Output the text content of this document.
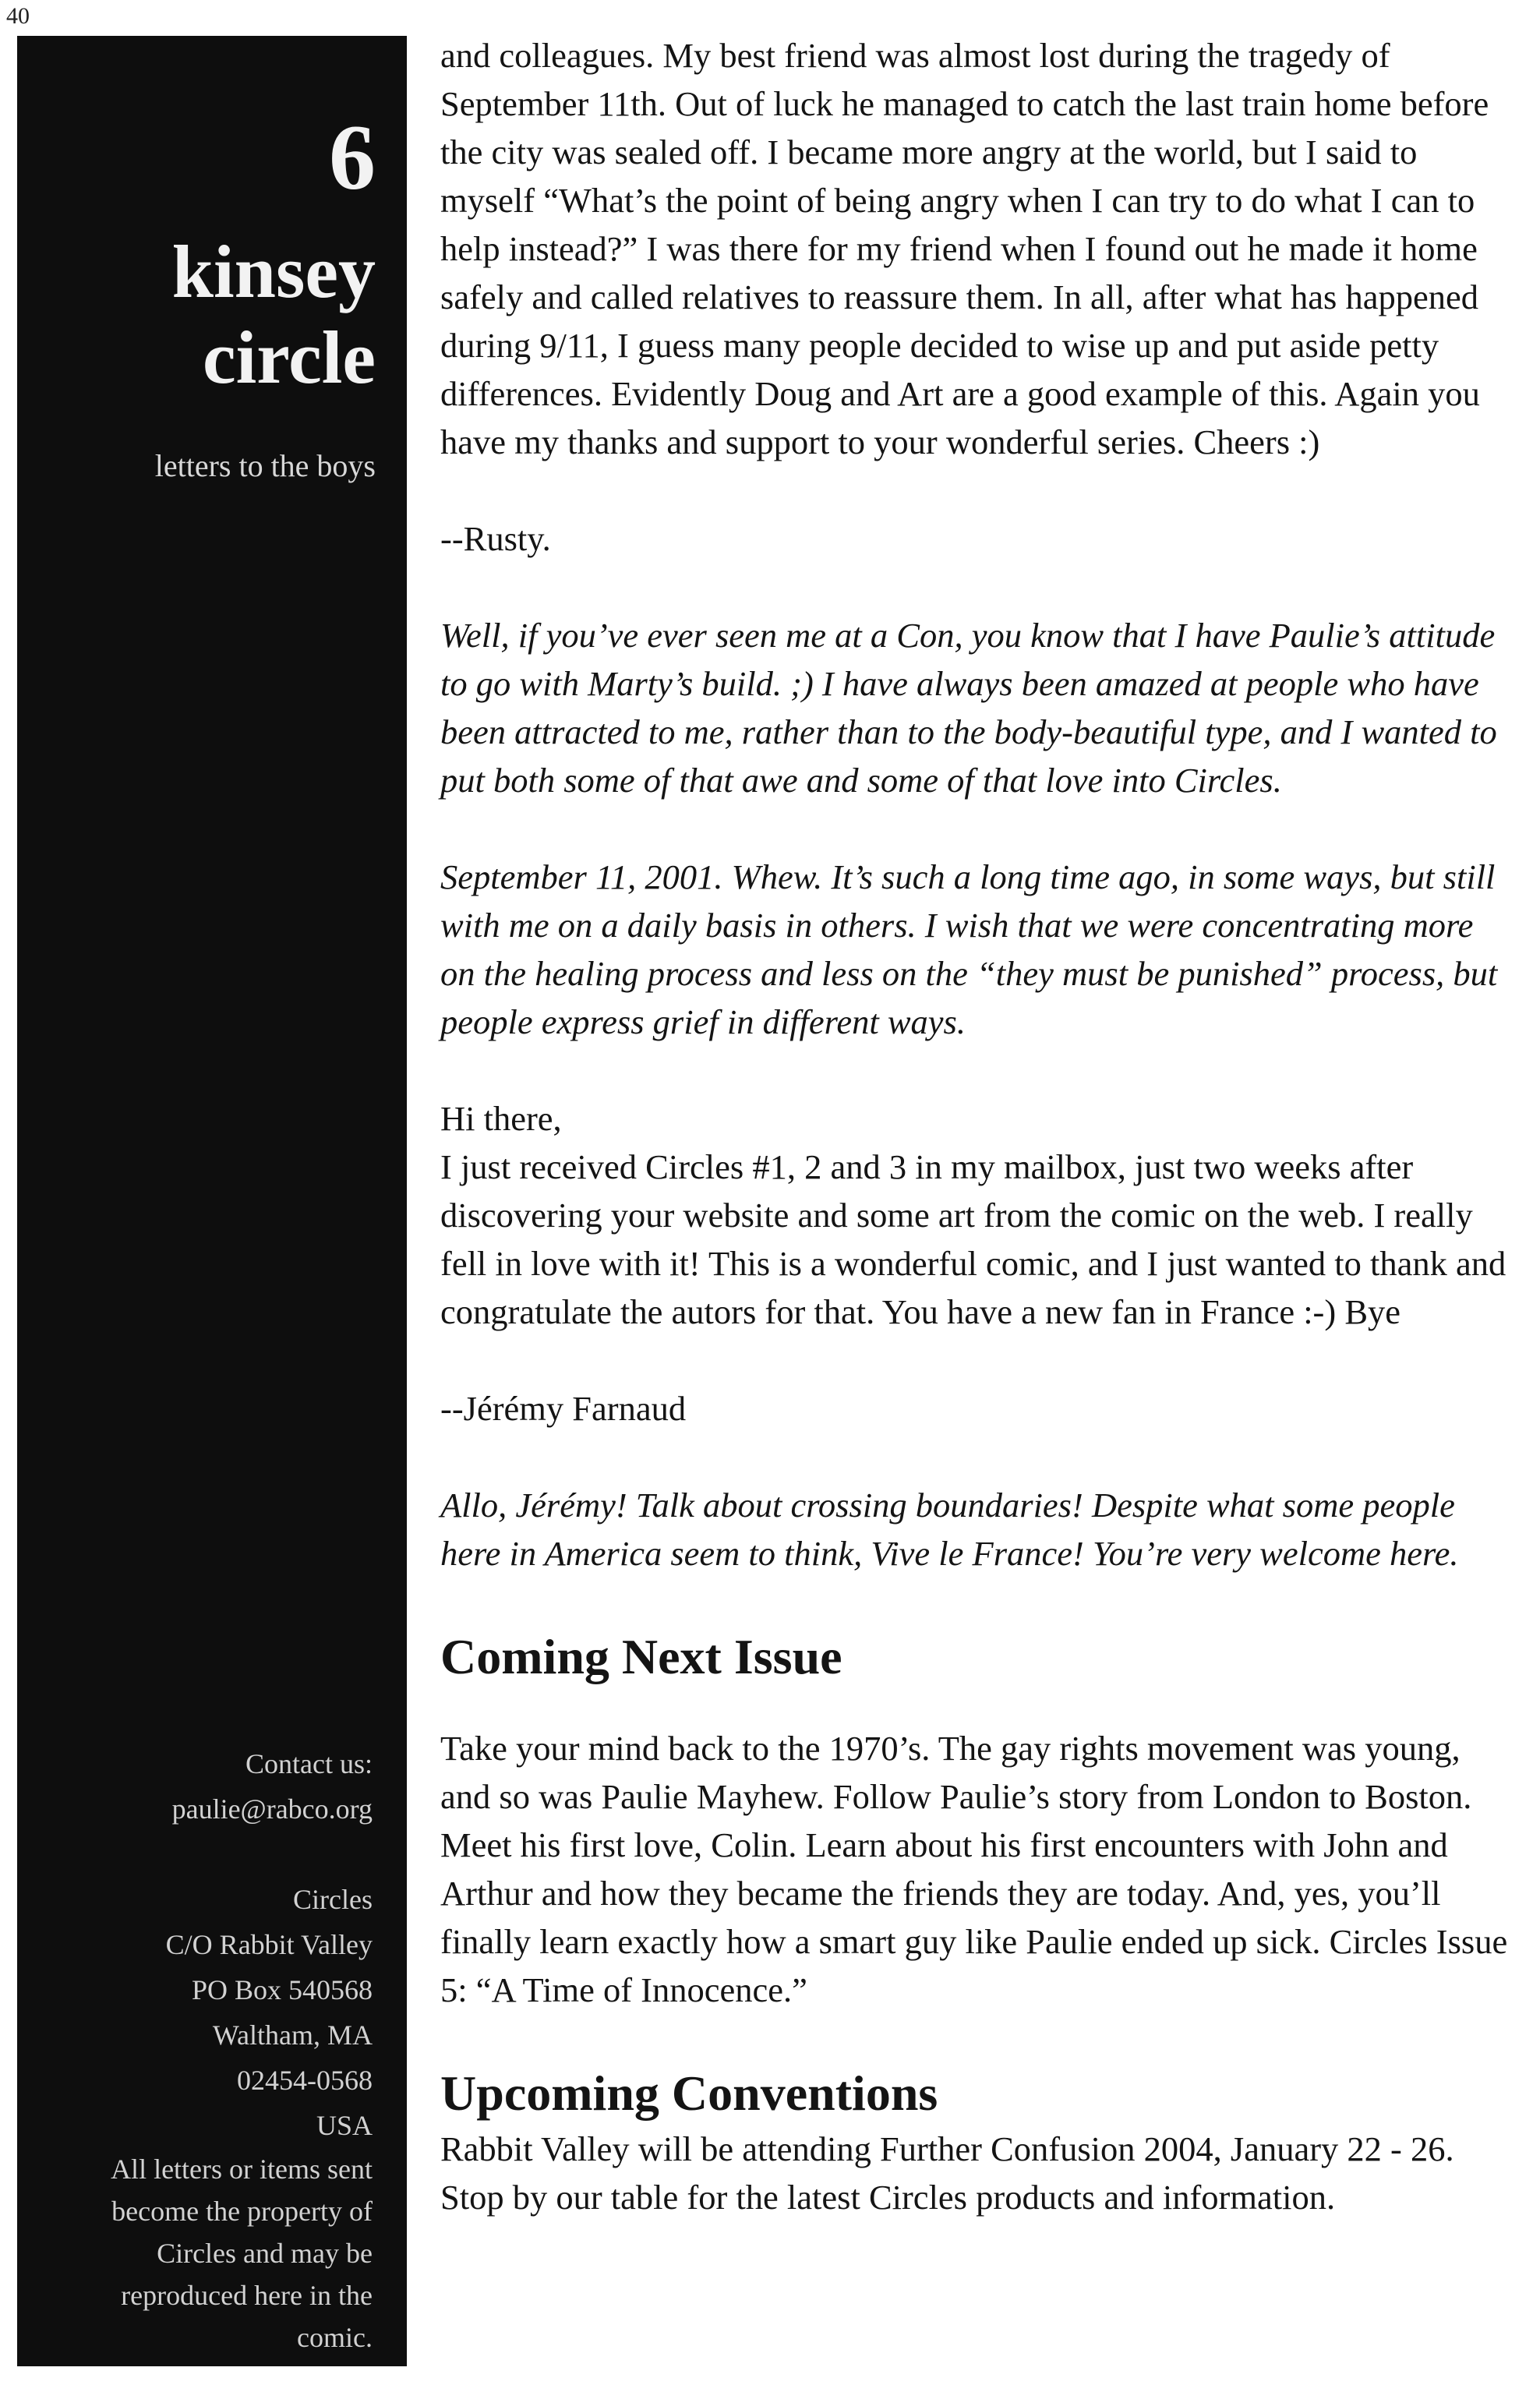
40
6
kinsey
circle
letters to the boys
Contact us:
paulie@rabco.org
Circles
C/O Rabbit Valley
PO Box 540568
Waltham, MA
02454-0568
USA
All letters or items sent become the property of Circles and may be reproduced here in the comic.

and colleagues. My best friend was almost lost during the tragedy of September 11th. Out of luck he managed to catch the last train home before the city was sealed off. I became more angry at the world, but I said to myself “What’s the point of being angry when I can try to do what I can to help instead?” I was there for my friend when I found out he made it home safely and called relatives to reassure them. In all, after what has happened during 9/11, I guess many people decided to wise up and put aside petty differences. Evidently Doug and Art are a good example of this. Again you have my thanks and support to your wonderful series. Cheers :)

--Rusty.

Well, if you’ve ever seen me at a Con, you know that I have Paulie’s attitude to go with Marty’s build. ;) I have always been amazed at people who have been attracted to me, rather than to the body-beautiful type, and I wanted to put both some of that awe and some of that love into Circles.

September 11, 2001. Whew. It’s such a long time ago, in some ways, but still with me on a daily basis in others. I wish that we were concentrating more on the healing process and less on the “they must be punished” process, but people express grief in different ways.

Hi there,

I just received Circles #1, 2 and 3 in my mailbox, just two weeks after discovering your website and some art from the comic on the web. I really fell in love with it! This is a wonderful comic, and I just wanted to thank and congratulate the autors for that. You have a new fan in France :-) Bye

--Jérémy Farnaud

Allo, Jérémy! Talk about crossing boundaries! Despite what some people here in America seem to think, Vive le France! You’re very welcome here.

Coming Next Issue

Take your mind back to the 1970’s. The gay rights movement was young, and so was Paulie Mayhew. Follow Paulie’s story from London to Boston. Meet his first love, Colin. Learn about his first encounters with John and Arthur and how they became the friends they are today. And, yes, you’ll finally learn exactly how a smart guy like Paulie ended up sick. Circles Issue 5: “A Time of Innocence.”

Upcoming Conventions

Rabbit Valley will be attending Further Confusion 2004, January 22 - 26. Stop by our table for the latest Circles products and information.
